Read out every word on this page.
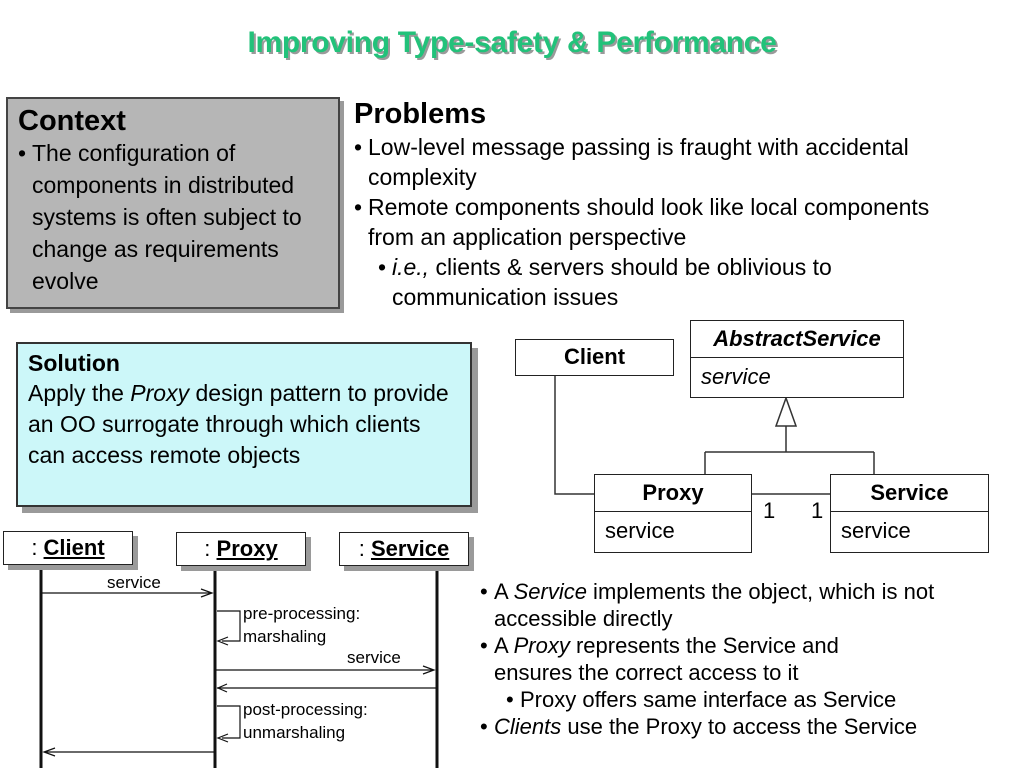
Improving Type-safety & Performance
Context
• The configuration of components in distributed systems is often subject to change as requirements evolve
Problems
• Low-level message passing is fraught with accidental complexity
• Remote components should look like local components from an application perspective
• i.e., clients & servers should be oblivious to communication issues
Solution
Apply the Proxy design pattern to provide an OO surrogate through which clients can access remote objects
Client
AbstractService
service
Proxy
service
Service
service
1 1
: Client	: Proxy	: Service
service
pre-processing:
marshaling
service
post-processing:
unmarshaling
• A Service implements the object, which is not accessible directly
• A Proxy represents the Service and ensures the correct access to it
• Proxy offers same interface as Service
• Clients use the Proxy to access the Service
